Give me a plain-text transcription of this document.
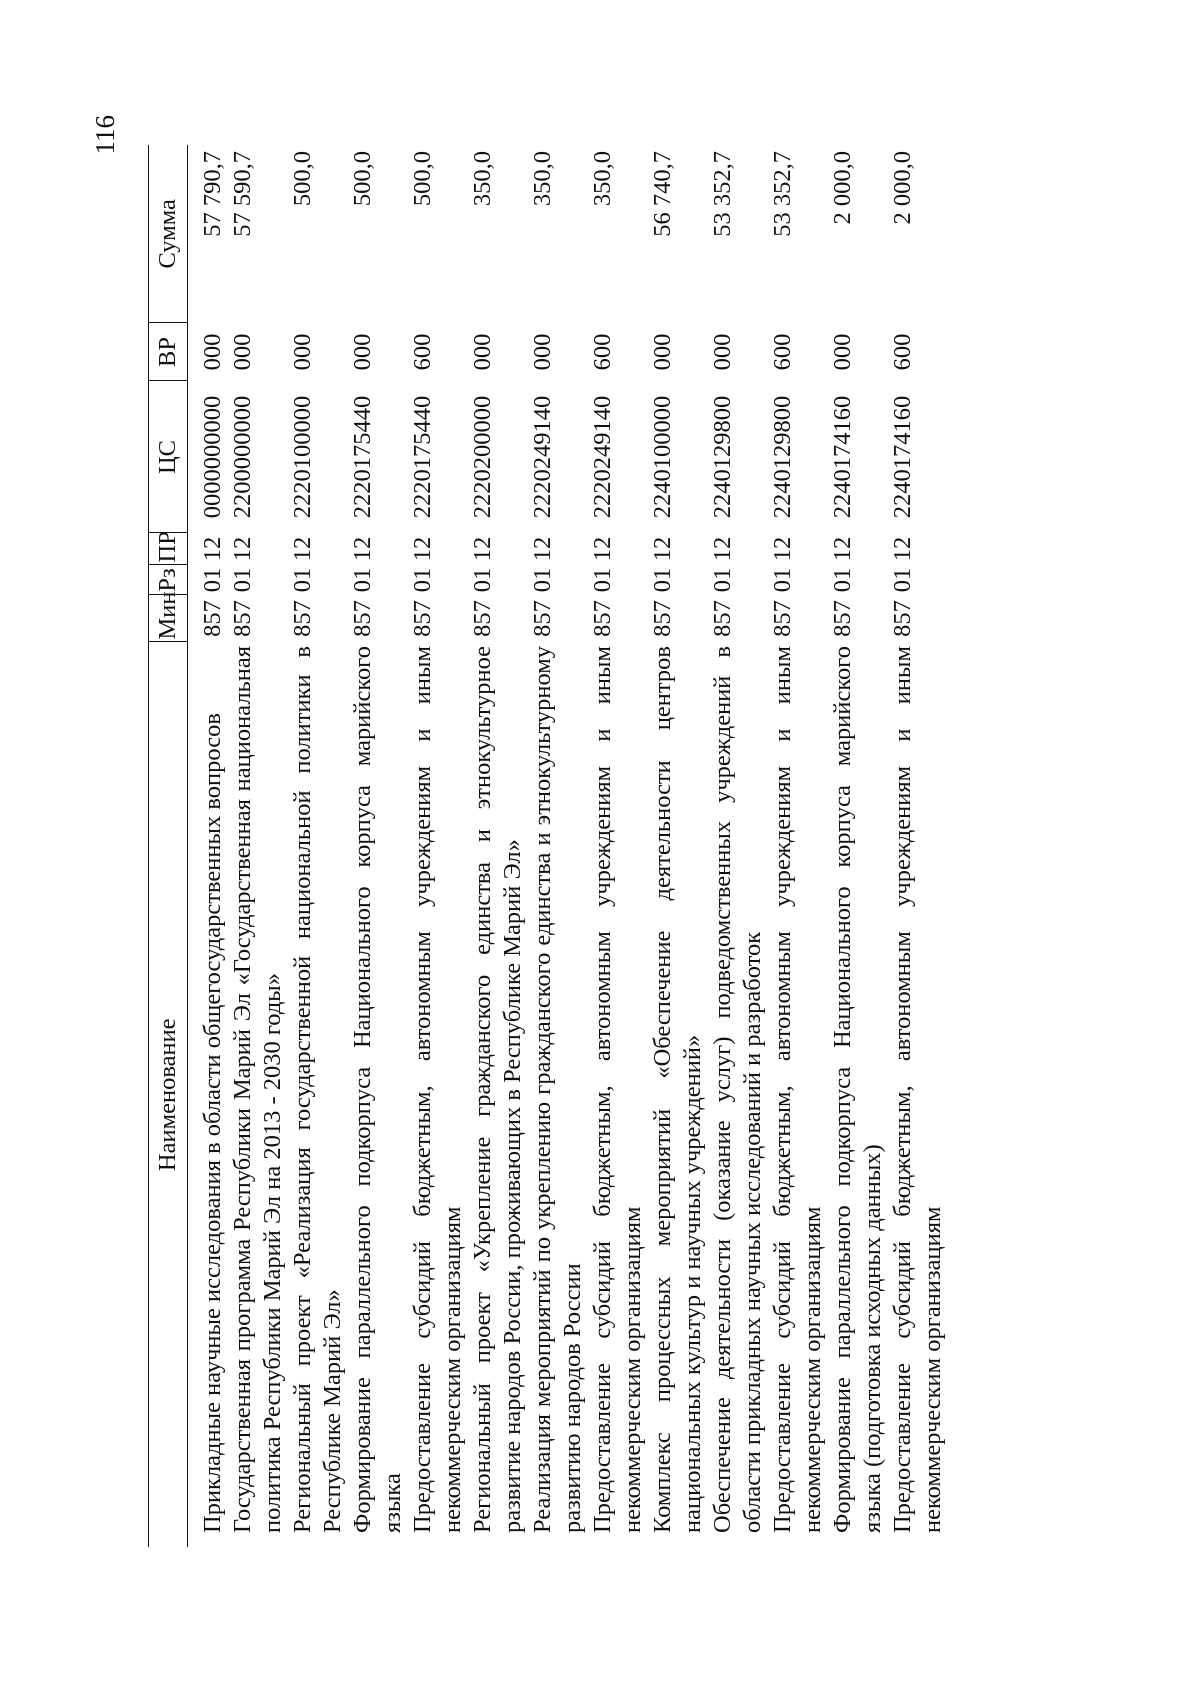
116
Наименование	Мин	Рз	ПР	ЦС	ВР	Сумма
Прикладные научные исследования в области общегосударственных вопросов	857	01	12	0000000000	000	57 790,7
Государственная программа Республики Марий Эл «Государственная национальная политика Республики Марий Эл на 2013 - 2030 годы»	857	01	12	2200000000	000	57 590,7
Региональный проект «Реализация государственной национальной политики в Республике Марий Эл»	857	01	12	2220100000	000	500,0
Формирование параллельного подкорпуса Национального корпуса марийского языка	857	01	12	2220175440	000	500,0
Предоставление субсидий бюджетным, автономным учреждениям и иным некоммерческим организациям	857	01	12	2220175440	600	500,0
Региональный проект «Укрепление гражданского единства и этнокультурное развитие народов России, проживающих в Республике Марий Эл»	857	01	12	2220200000	000	350,0
Реализация мероприятий по укреплению гражданского единства и этнокультурному развитию народов России	857	01	12	2220249140	000	350,0
Предоставление субсидий бюджетным, автономным учреждениям и иным некоммерческим организациям	857	01	12	2220249140	600	350,0
Комплекс процессных мероприятий «Обеспечение деятельности центров национальных культур и научных учреждений»	857	01	12	2240100000	000	56 740,7
Обеспечение деятельности (оказание услуг) подведомственных учреждений в области прикладных научных исследований и разработок	857	01	12	2240129800	000	53 352,7
Предоставление субсидий бюджетным, автономным учреждениям и иным некоммерческим организациям	857	01	12	2240129800	600	53 352,7
Формирование параллельного подкорпуса Национального корпуса марийского языка (подготовка исходных данных)	857	01	12	2240174160	000	2 000,0
Предоставление субсидий бюджетным, автономным учреждениям и иным некоммерческим организациям	857	01	12	2240174160	600	2 000,0
